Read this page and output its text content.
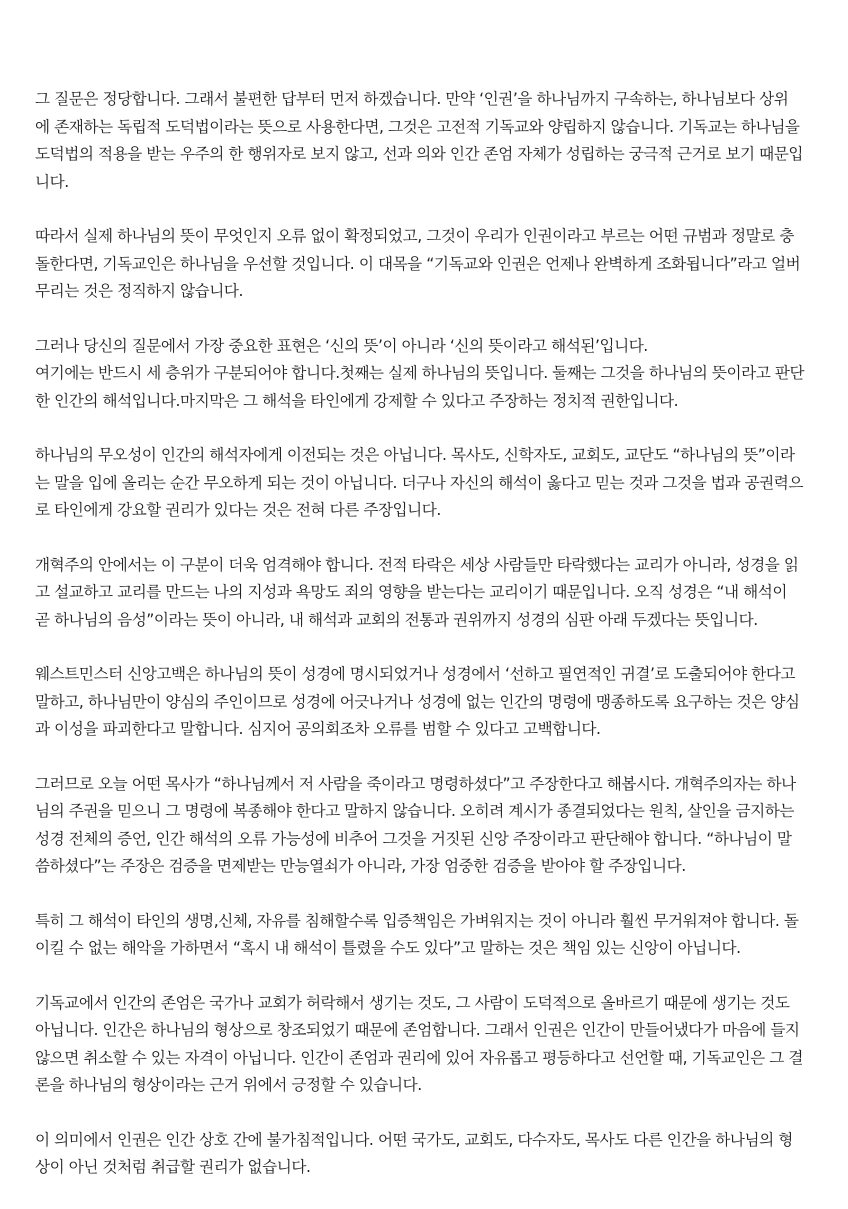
그 질문은 정당합니다. 그래서 불편한 답부터 먼저 하겠습니다. 만약 ‘인권’을 하나님까지 구속하는, 하나님보다 상위
에 존재하는 독립적 도덕법이라는 뜻으로 사용한다면, 그것은 고전적 기독교와 양립하지 않습니다. 기독교는 하나님을
도덕법의 적용을 받는 우주의 한 행위자로 보지 않고, 선과 의와 인간 존엄 자체가 성립하는 궁극적 근거로 보기 때문입
니다.
따라서 실제 하나님의 뜻이 무엇인지 오류 없이 확정되었고, 그것이 우리가 인권이라고 부르는 어떤 규범과 정말로 충
돌한다면, 기독교인은 하나님을 우선할 것입니다. 이 대목을 “기독교와 인권은 언제나 완벽하게 조화됩니다”라고 얼버
무리는 것은 정직하지 않습니다.
그러나 당신의 질문에서 가장 중요한 표현은 ‘신의 뜻’이 아니라 ‘신의 뜻이라고 해석된’입니다.
여기에는 반드시 세 층위가 구분되어야 합니다.첫째는 실제 하나님의 뜻입니다. 둘째는 그것을 하나님의 뜻이라고 판단
한 인간의 해석입니다.마지막은 그 해석을 타인에게 강제할 수 있다고 주장하는 정치적 권한입니다.
하나님의 무오성이 인간의 해석자에게 이전되는 것은 아닙니다. 목사도, 신학자도, 교회도, 교단도 “하나님의 뜻”이라
는 말을 입에 올리는 순간 무오하게 되는 것이 아닙니다. 더구나 자신의 해석이 옳다고 믿는 것과 그것을 법과 공권력으
로 타인에게 강요할 권리가 있다는 것은 전혀 다른 주장입니다.
개혁주의 안에서는 이 구분이 더욱 엄격해야 합니다. 전적 타락은 세상 사람들만 타락했다는 교리가 아니라, 성경을 읽
고 설교하고 교리를 만드는 나의 지성과 욕망도 죄의 영향을 받는다는 교리이기 때문입니다. 오직 성경은 “내 해석이
곧 하나님의 음성”이라는 뜻이 아니라, 내 해석과 교회의 전통과 권위까지 성경의 심판 아래 두겠다는 뜻입니다.
웨스트민스터 신앙고백은 하나님의 뜻이 성경에 명시되었거나 성경에서 ‘선하고 필연적인 귀결’로 도출되어야 한다고
말하고, 하나님만이 양심의 주인이므로 성경에 어긋나거나 성경에 없는 인간의 명령에 맹종하도록 요구하는 것은 양심
과 이성을 파괴한다고 말합니다. 심지어 공의회조차 오류를 범할 수 있다고 고백합니다.
그러므로 오늘 어떤 목사가 “하나님께서 저 사람을 죽이라고 명령하셨다”고 주장한다고 해봅시다. 개혁주의자는 하나
님의 주권을 믿으니 그 명령에 복종해야 한다고 말하지 않습니다. 오히려 계시가 종결되었다는 원칙, 살인을 금지하는
성경 전체의 증언, 인간 해석의 오류 가능성에 비추어 그것을 거짓된 신앙 주장이라고 판단해야 합니다. “하나님이 말
씀하셨다”는 주장은 검증을 면제받는 만능열쇠가 아니라, 가장 엄중한 검증을 받아야 할 주장입니다.
특히 그 해석이 타인의 생명,신체, 자유를 침해할수록 입증책임은 가벼워지는 것이 아니라 훨씬 무거워져야 합니다. 돌
이킬 수 없는 해악을 가하면서 “혹시 내 해석이 틀렸을 수도 있다”고 말하는 것은 책임 있는 신앙이 아닙니다.
기독교에서 인간의 존엄은 국가나 교회가 허락해서 생기는 것도, 그 사람이 도덕적으로 올바르기 때문에 생기는 것도
아닙니다. 인간은 하나님의 형상으로 창조되었기 때문에 존엄합니다. 그래서 인권은 인간이 만들어냈다가 마음에 들지
않으면 취소할 수 있는 자격이 아닙니다. 인간이 존엄과 권리에 있어 자유롭고 평등하다고 선언할 때, 기독교인은 그 결
론을 하나님의 형상이라는 근거 위에서 긍정할 수 있습니다.
이 의미에서 인권은 인간 상호 간에 불가침적입니다. 어떤 국가도, 교회도, 다수자도, 목사도 다른 인간을 하나님의 형
상이 아닌 것처럼 취급할 권리가 없습니다.
